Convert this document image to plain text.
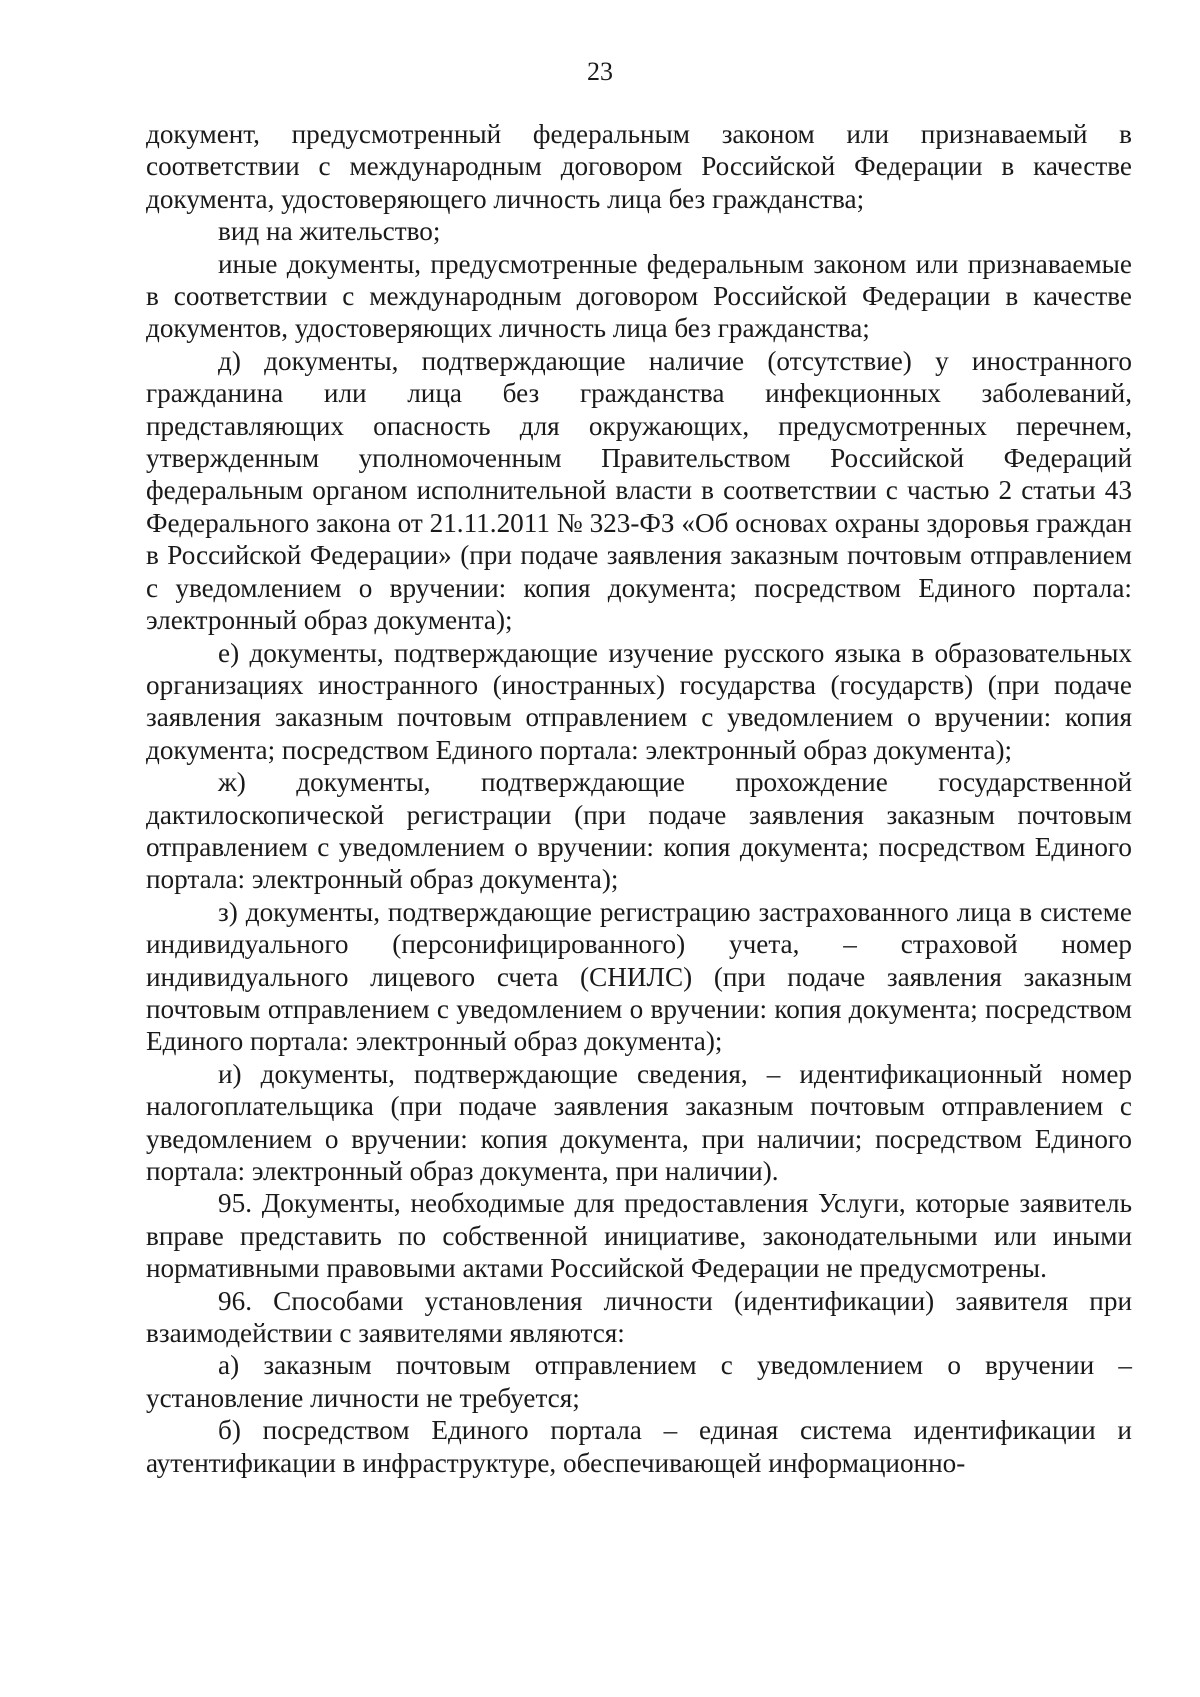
23

документ, предусмотренный федеральным законом или признаваемый в соответствии с международным договором Российской Федерации в качестве документа, удостоверяющего личность лица без гражданства;

вид на жительство;

иные документы, предусмотренные федеральным законом или признаваемые в соответствии с международным договором Российской Федерации в качестве документов, удостоверяющих личность лица без гражданства;

д) документы, подтверждающие наличие (отсутствие) у иностранного гражданина или лица без гражданства инфекционных заболеваний, представляющих опасность для окружающих, предусмотренных перечнем, утвержденным уполномоченным Правительством Российской Федераций федеральным органом исполнительной власти в соответствии с частью 2 статьи 43 Федерального закона от 21.11.2011 № 323-ФЗ «Об основах охраны здоровья граждан в Российской Федерации» (при подаче заявления заказным почтовым отправлением с уведомлением о вручении: копия документа; посредством Единого портала: электронный образ документа);

е) документы, подтверждающие изучение русского языка в образовательных организациях иностранного (иностранных) государства (государств) (при подаче заявления заказным почтовым отправлением с уведомлением о вручении: копия документа; посредством Единого портала: электронный образ документа);

ж) документы, подтверждающие прохождение государственной дактилоскопической регистрации (при подаче заявления заказным почтовым отправлением с уведомлением о вручении: копия документа; посредством Единого портала: электронный образ документа);

з) документы, подтверждающие регистрацию застрахованного лица в системе индивидуального (персонифицированного) учета, – страховой номер индивидуального лицевого счета (СНИЛС) (при подаче заявления заказным почтовым отправлением с уведомлением о вручении: копия документа; посредством Единого портала: электронный образ документа);

и) документы, подтверждающие сведения, – идентификационный номер налогоплательщика (при подаче заявления заказным почтовым отправлением с уведомлением о вручении: копия документа, при наличии; посредством Единого портала: электронный образ документа, при наличии).

95. Документы, необходимые для предоставления Услуги, которые заявитель вправе представить по собственной инициативе, законодательными или иными нормативными правовыми актами Российской Федерации не предусмотрены.

96. Способами установления личности (идентификации) заявителя при взаимодействии с заявителями являются:

а) заказным почтовым отправлением с уведомлением о вручении – установление личности не требуется;

б) посредством Единого портала – единая система идентификации и аутентификации в инфраструктуре, обеспечивающей информационно-
